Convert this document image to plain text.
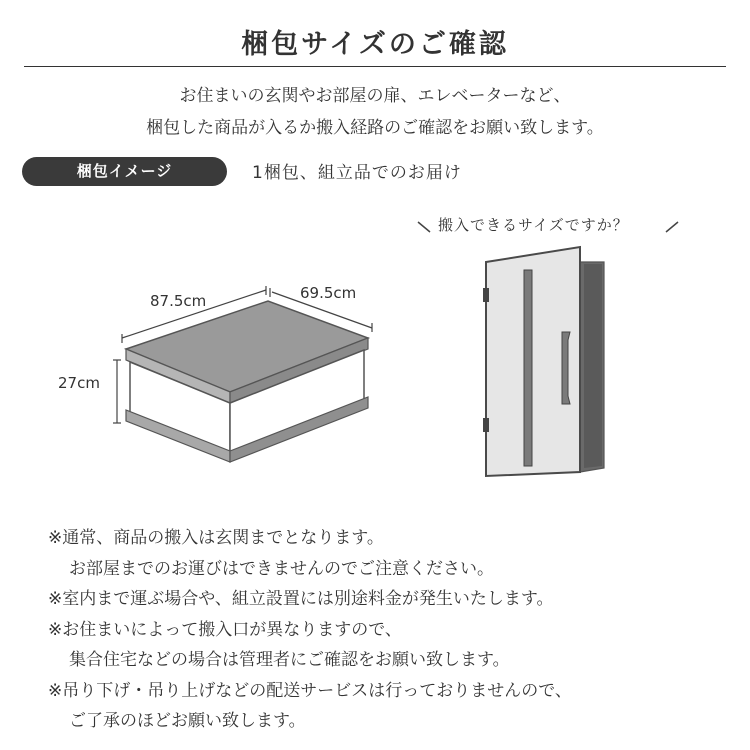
梱包サイズのご確認
お住まいの玄関やお部屋の扉、エレベーターなど、
梱包した商品が入るか搬入経路のご確認をお願い致します。
梱包イメージ	1梱包、組立品でのお届け
87.5cm	69.5cm
27cm
搬入できるサイズですか？
※通常、商品の搬入は玄関までとなります。
お部屋までのお運びはできませんのでご注意ください。
※室内まで運ぶ場合や、組立設置には別途料金が発生いたします。
※お住まいによって搬入口が異なりますので、
集合住宅などの場合は管理者にご確認をお願い致します。
※吊り下げ・吊り上げなどの配送サービスは行っておりませんので、
ご了承のほどお願い致します。
